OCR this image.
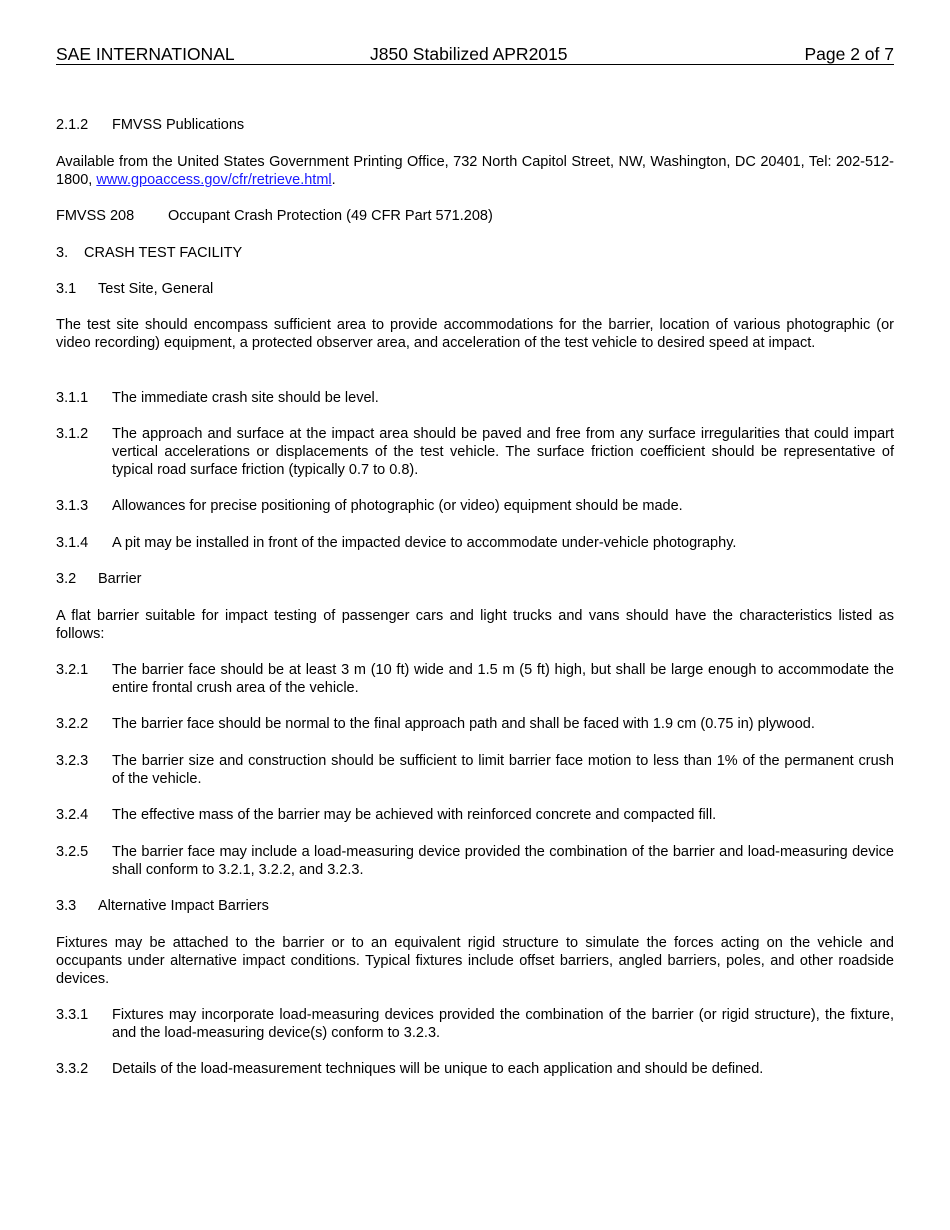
SAE INTERNATIONAL	J850 Stabilized APR2015	Page 2 of 7
2.1.2 FMVSS Publications
Available from the United States Government Printing Office, 732 North Capitol Street, NW, Washington, DC 20401, Tel: 202-512-1800, www.gpoaccess.gov/cfr/retrieve.html.
FMVSS 208 Occupant Crash Protection (49 CFR Part 571.208)
3. CRASH TEST FACILITY
3.1 Test Site, General
The test site should encompass sufficient area to provide accommodations for the barrier, location of various photographic (or video recording) equipment, a protected observer area, and acceleration of the test vehicle to desired speed at impact.
3.1.1 The immediate crash site should be level.
3.1.2 The approach and surface at the impact area should be paved and free from any surface irregularities that could impart vertical accelerations or displacements of the test vehicle. The surface friction coefficient should be representative of typical road surface friction (typically 0.7 to 0.8).
3.1.3 Allowances for precise positioning of photographic (or video) equipment should be made.
3.1.4 A pit may be installed in front of the impacted device to accommodate under-vehicle photography.
3.2 Barrier
A flat barrier suitable for impact testing of passenger cars and light trucks and vans should have the characteristics listed as follows:
3.2.1 The barrier face should be at least 3 m (10 ft) wide and 1.5 m (5 ft) high, but shall be large enough to accommodate the entire frontal crush area of the vehicle.
3.2.2 The barrier face should be normal to the final approach path and shall be faced with 1.9 cm (0.75 in) plywood.
3.2.3 The barrier size and construction should be sufficient to limit barrier face motion to less than 1% of the permanent crush of the vehicle.
3.2.4 The effective mass of the barrier may be achieved with reinforced concrete and compacted fill.
3.2.5 The barrier face may include a load-measuring device provided the combination of the barrier and load-measuring device shall conform to 3.2.1, 3.2.2, and 3.2.3.
3.3 Alternative Impact Barriers
Fixtures may be attached to the barrier or to an equivalent rigid structure to simulate the forces acting on the vehicle and occupants under alternative impact conditions. Typical fixtures include offset barriers, angled barriers, poles, and other roadside devices.
3.3.1 Fixtures may incorporate load-measuring devices provided the combination of the barrier (or rigid structure), the fixture, and the load-measuring device(s) conform to 3.2.3.
3.3.2 Details of the load-measurement techniques will be unique to each application and should be defined.
